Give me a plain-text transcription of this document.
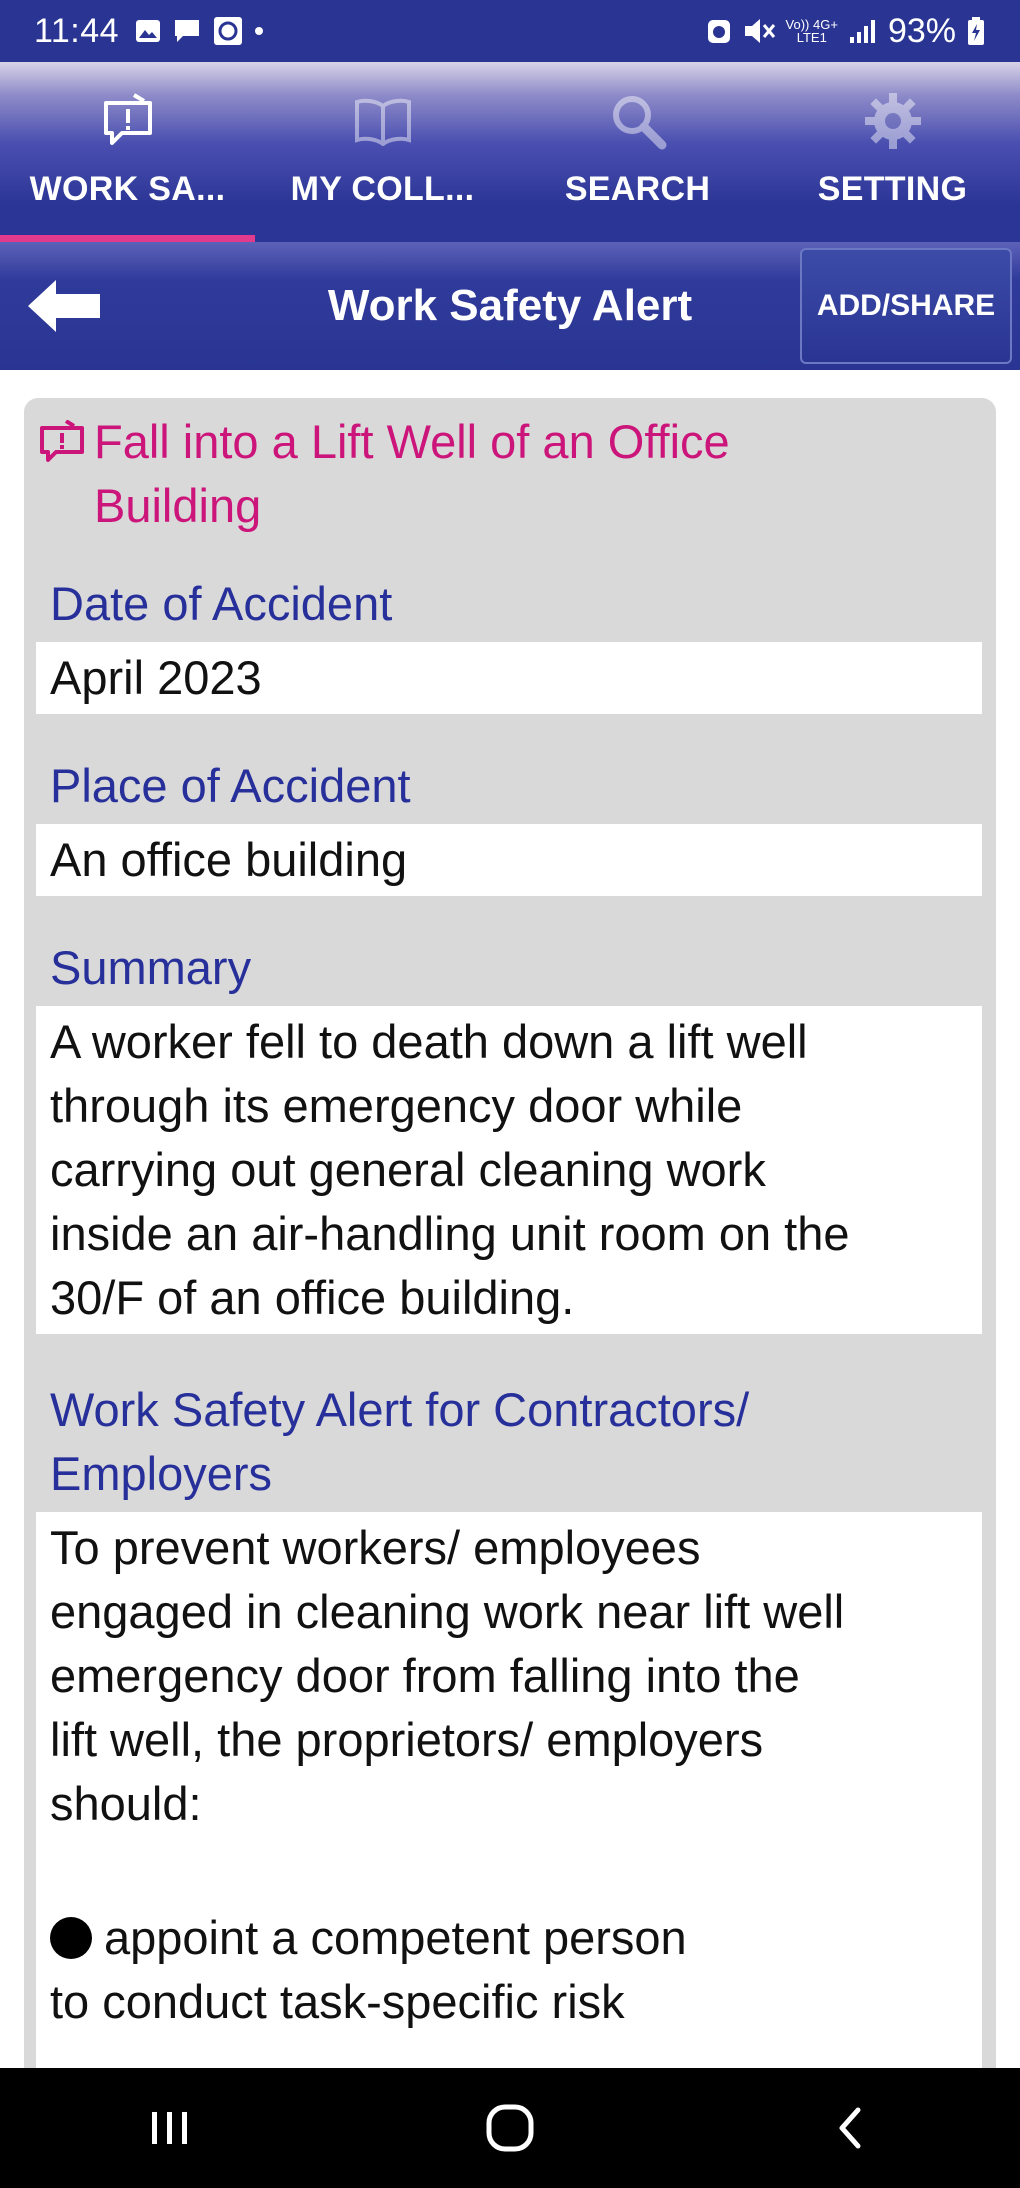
11:44	Vo)) 4G+
LTE1	93%
WORK SA... MY COLL...	SEARCH	SETTING
Work Safety Alert	ADD/SHARE
Fall into a Lift Well of an Office
Building
Date of Accident
April 2023
Place of Accident
An office building
Summary
A worker fell to death down a lift well
through its emergency door while
carrying out general cleaning work
inside an air-handling unit room on the
30/F of an office building.
Work Safety Alert for Contractors/
Employers
To prevent workers/ employees
engaged in cleaning work near lift well
emergency door from falling into the
lift well, the proprietors/ employers
should:
appoint a competent person
to conduct task-specific risk
